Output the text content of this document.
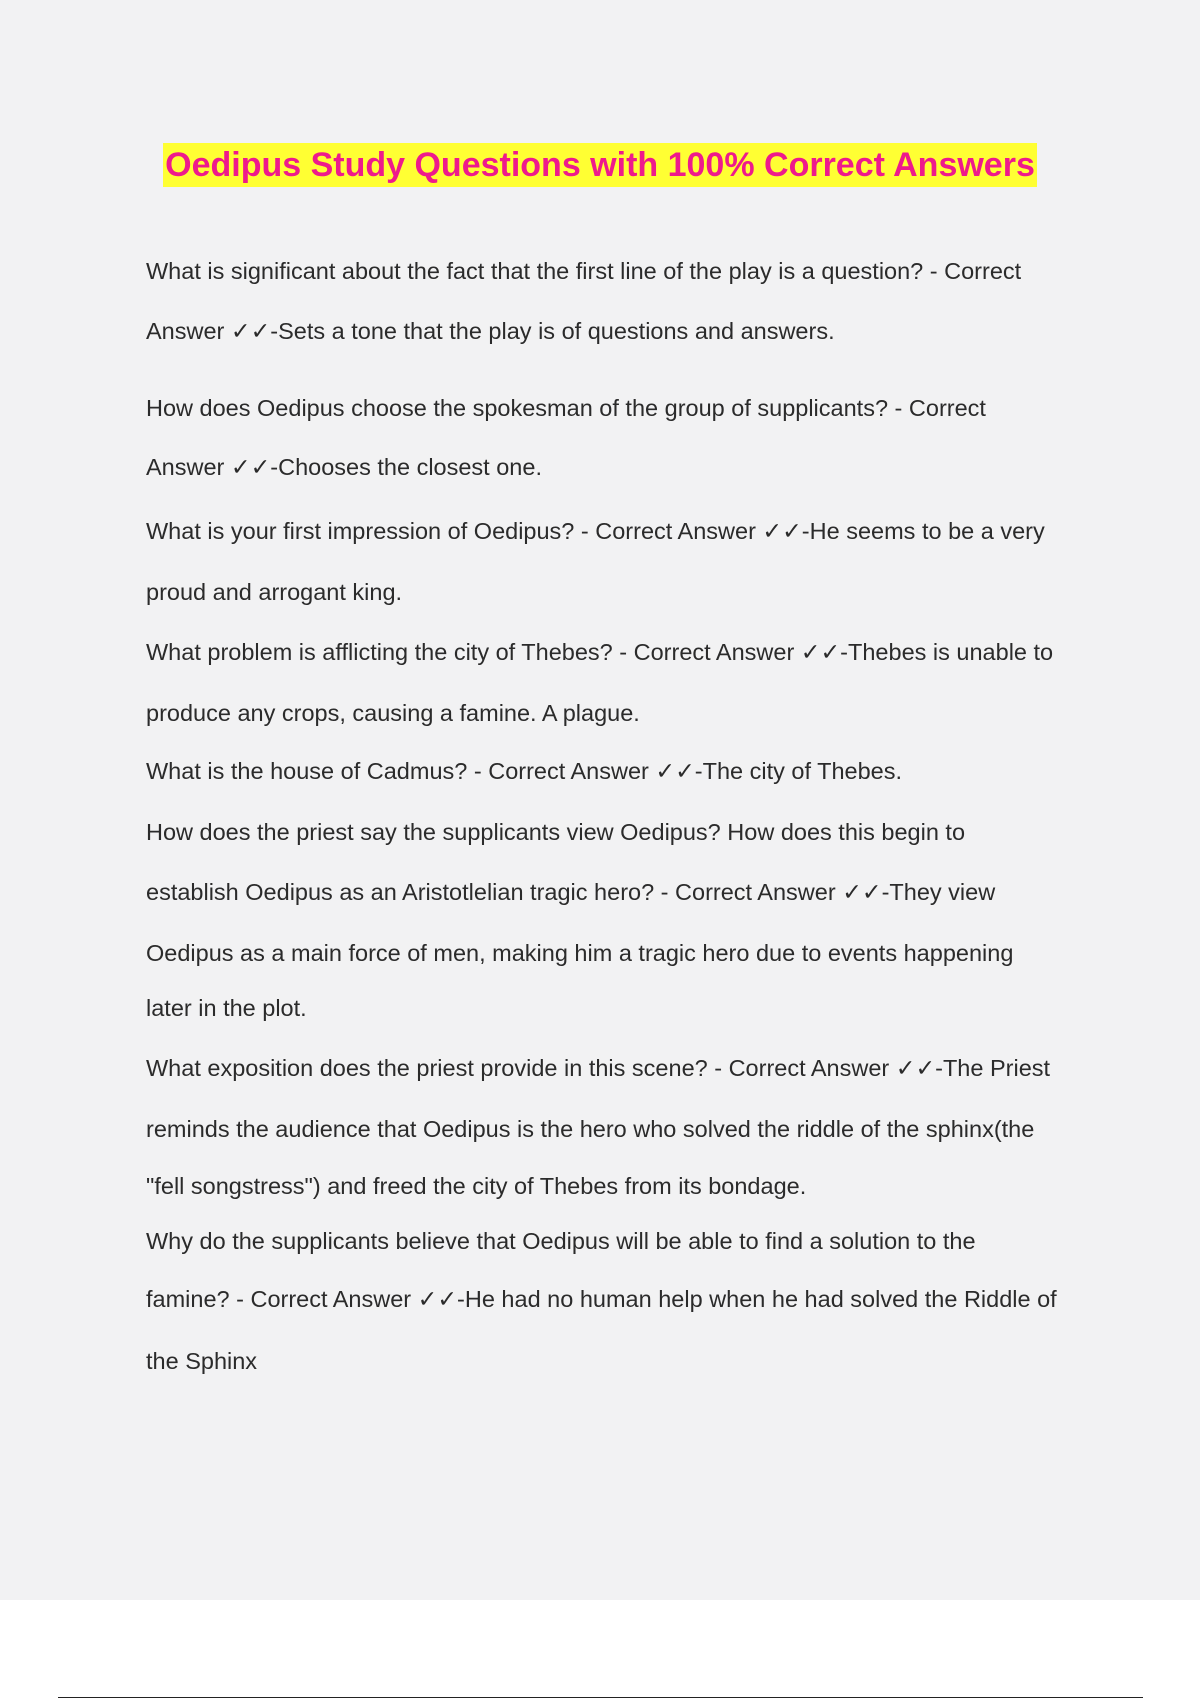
Oedipus Study Questions with 100% Correct Answers
What is significant about the fact that the first line of the play is a question? - Correct
Answer ✓✓-Sets a tone that the play is of questions and answers.
How does Oedipus choose the spokesman of the group of supplicants? - Correct
Answer ✓✓-Chooses the closest one.
What is your first impression of Oedipus? - Correct Answer ✓✓-He seems to be a very
proud and arrogant king.
What problem is afflicting the city of Thebes? - Correct Answer ✓✓-Thebes is unable to
produce any crops, causing a famine. A plague.
What is the house of Cadmus? - Correct Answer ✓✓-The city of Thebes.
How does the priest say the supplicants view Oedipus? How does this begin to
establish Oedipus as an Aristotlelian tragic hero? - Correct Answer ✓✓-They view
Oedipus as a main force of men, making him a tragic hero due to events happening
later in the plot.
What exposition does the priest provide in this scene? - Correct Answer ✓✓-The Priest
reminds the audience that Oedipus is the hero who solved the riddle of the sphinx(the
"fell songstress") and freed the city of Thebes from its bondage.
Why do the supplicants believe that Oedipus will be able to find a solution to the
famine? - Correct Answer ✓✓-He had no human help when he had solved the Riddle of
the Sphinx
